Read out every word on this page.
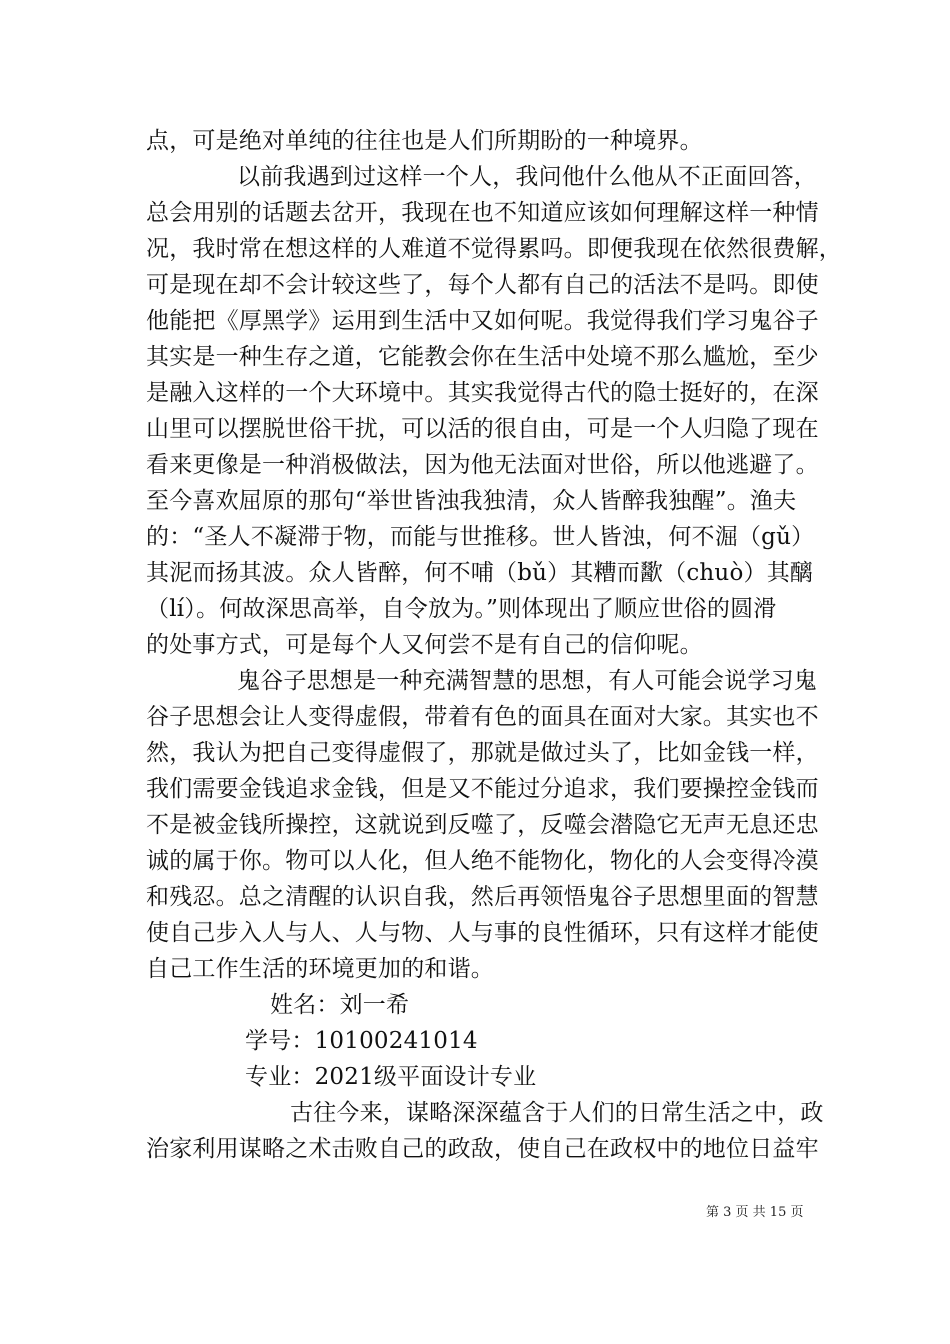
点，可是绝对单纯的往往也是人们所期盼的一种境界。
以前我遇到过这样一个人，我问他什么他从不正面回答，
总会用别的话题去岔开，我现在也不知道应该如何理解这样一种情
况，我时常在想这样的人难道不觉得累吗。即便我现在依然很费解，
可是现在却不会计较这些了，每个人都有自己的活法不是吗。即使
他能把《厚黑学》运用到生活中又如何呢。我觉得我们学习鬼谷子
其实是一种生存之道，它能教会你在生活中处境不那么尴尬，至少
是融入这样的一个大环境中。其实我觉得古代的隐士挺好的，在深
山里可以摆脱世俗干扰，可以活的很自由，可是一个人归隐了现在
看来更像是一种消极做法，因为他无法面对世俗，所以他逃避了。
至今喜欢屈原的那句“举世皆浊我独清，众人皆醉我独醒”。渔夫
的：“圣人不凝滞于物，而能与世推移。世人皆浊，何不淈（gǔ）
其泥而扬其波。众人皆醉，何不哺（bǔ）其糟而歠（chuò）其醨
（lí）。何故深思高举，自令放为。”则体现出了顺应世俗的圆滑
的处事方式，可是每个人又何尝不是有自己的信仰呢。
鬼谷子思想是一种充满智慧的思想，有人可能会说学习鬼
谷子思想会让人变得虚假，带着有色的面具在面对大家。其实也不
然，我认为把自己变得虚假了，那就是做过头了，比如金钱一样，
我们需要金钱追求金钱，但是又不能过分追求，我们要操控金钱而
不是被金钱所操控，这就说到反噬了，反噬会潜隐它无声无息还忠
诚的属于你。物可以人化，但人绝不能物化，物化的人会变得冷漠
和残忍。总之清醒的认识自我，然后再领悟鬼谷子思想里面的智慧
使自己步入人与人、人与物、人与事的良性循环，只有这样才能使
自己工作生活的环境更加的和谐。
姓名：刘一希
学号：10100241014
专业：2021级平面设计专业
古往今来，谋略深深蕴含于人们的日常生活之中，政
治家利用谋略之术击败自己的政敌，使自己在政权中的地位日益牢
第 3 页 共 15 页
